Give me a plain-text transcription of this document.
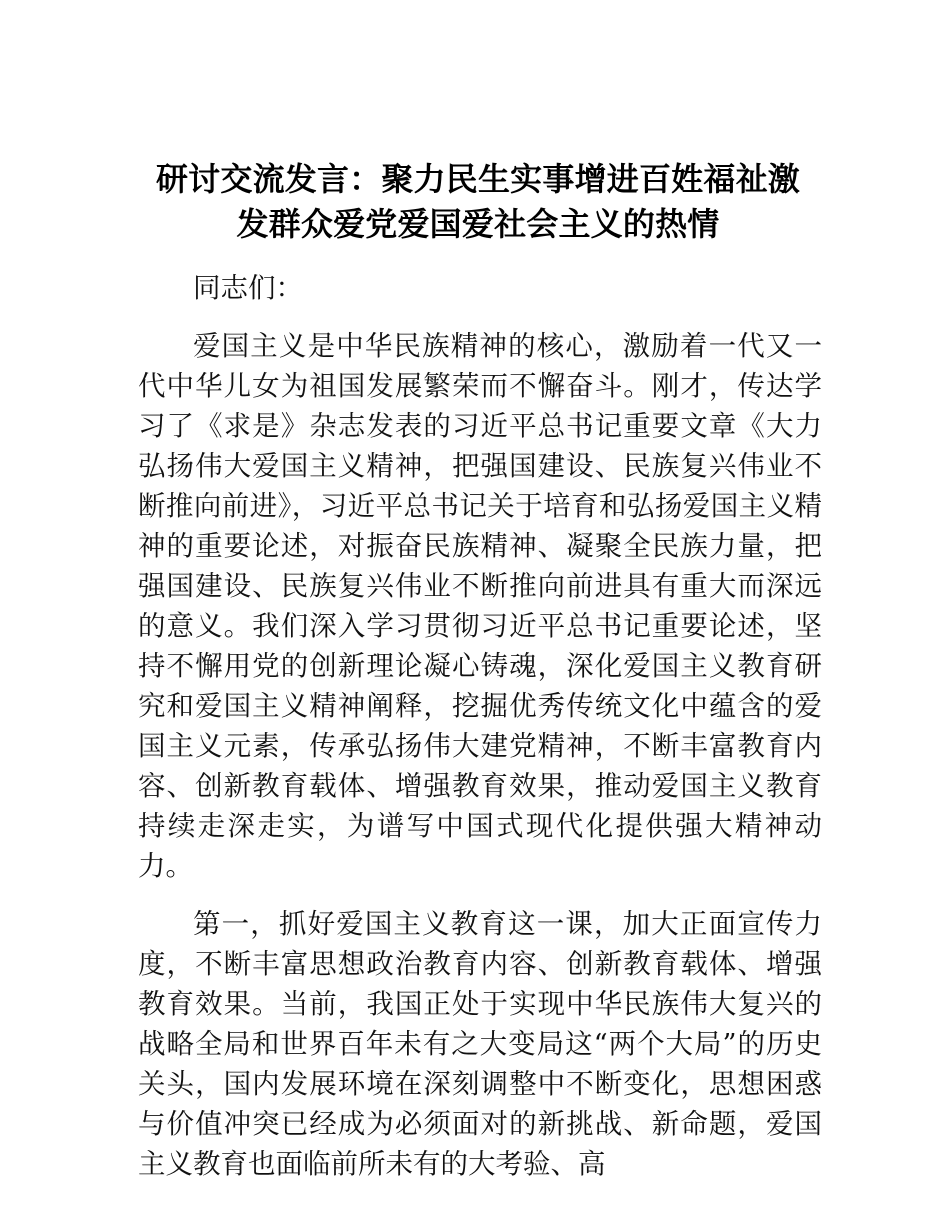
研讨交流发言：聚力民生实事增进百姓福祉激
发群众爱党爱国爱社会主义的热情

同志们：

爱国主义是中华民族精神的核心，激励着一代又一代中华儿女为祖国发展繁荣而不懈奋斗。刚才，传达学习了《求是》杂志发表的习近平总书记重要文章《大力弘扬伟大爱国主义精神，把强国建设、民族复兴伟业不断推向前进》，习近平总书记关于培育和弘扬爱国主义精神的重要论述，对振奋民族精神、凝聚全民族力量，把强国建设、民族复兴伟业不断推向前进具有重大而深远的意义。我们深入学习贯彻习近平总书记重要论述，坚持不懈用党的创新理论凝心铸魂，深化爱国主义教育研究和爱国主义精神阐释，挖掘优秀传统文化中蕴含的爱国主义元素，传承弘扬伟大建党精神，不断丰富教育内容、创新教育载体、增强教育效果，推动爱国主义教育持续走深走实，为谱写中国式现代化提供强大精神动力。

第一，抓好爱国主义教育这一课，加大正面宣传力度，不断丰富思想政治教育内容、创新教育载体、增强教育效果。当前，我国正处于实现中华民族伟大复兴的战略全局和世界百年未有之大变局这“两个大局”的历史关头，国内发展环境在深刻调整中不断变化，思想困惑与价值冲突已经成为必须面对的新挑战、新命题，爱国主义教育也面临前所未有的大考验、高
